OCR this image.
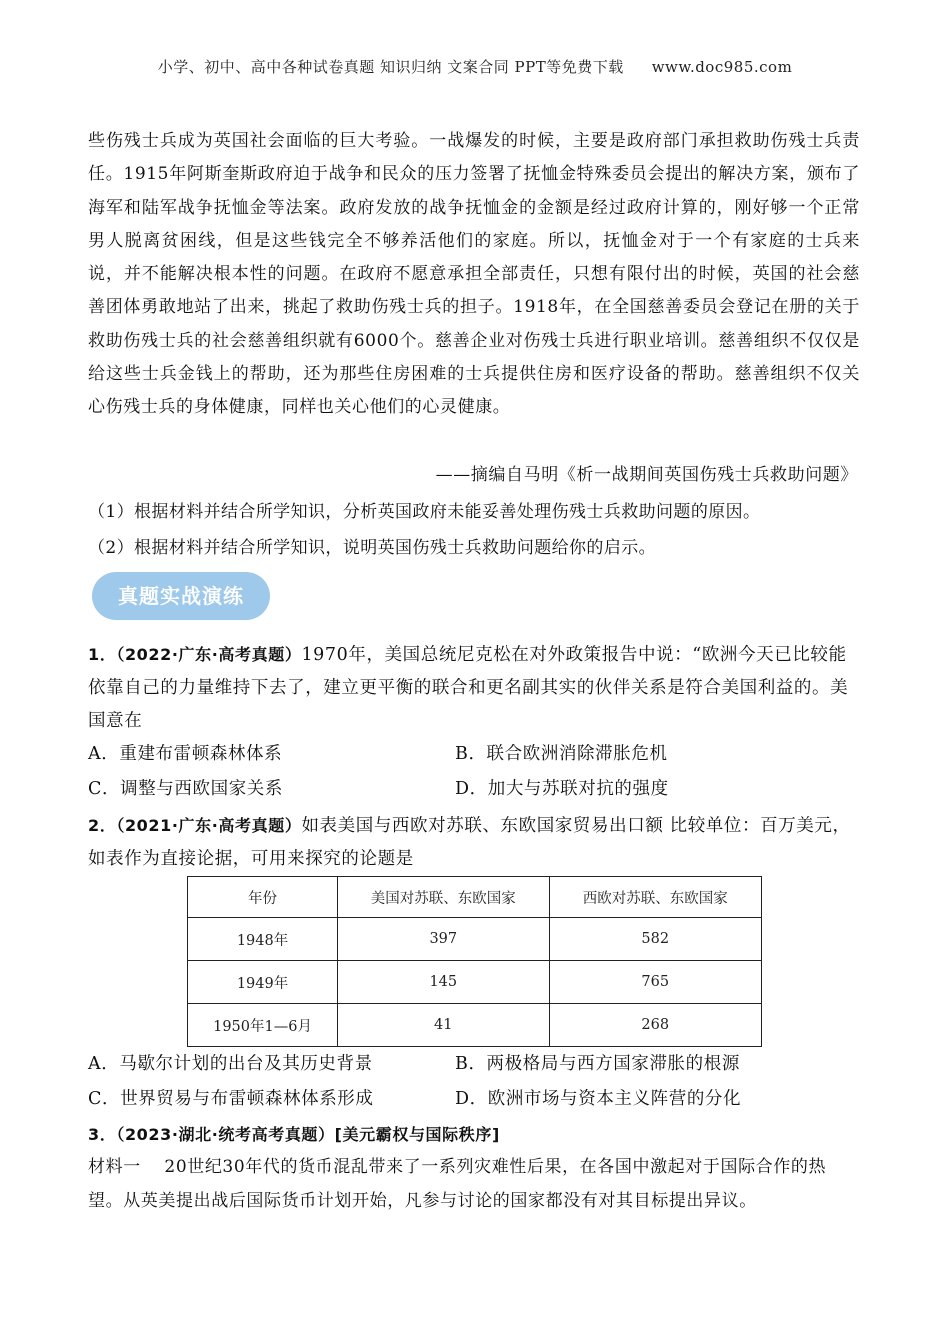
小学、初中、高中各种试卷真题 知识归纳 文案合同 PPT等免费下载 www.doc985.com
些伤残士兵成为英国社会面临的巨大考验。一战爆发的时候，主要是政府部门承担救助伤残士兵责任。1915年阿斯奎斯政府迫于战争和民众的压力签署了抚恤金特殊委员会提出的解决方案，颁布了海军和陆军战争抚恤金等法案。政府发放的战争抚恤金的金额是经过政府计算的，刚好够一个正常男人脱离贫困线，但是这些钱完全不够养活他们的家庭。所以，抚恤金对于一个有家庭的士兵来说，并不能解决根本性的问题。在政府不愿意承担全部责任，只想有限付出的时候，英国的社会慈善团体勇敢地站了出来，挑起了救助伤残士兵的担子。1918年，在全国慈善委员会登记在册的关于救助伤残士兵的社会慈善组织就有6000个。慈善企业对伤残士兵进行职业培训。慈善组织不仅仅是给这些士兵金钱上的帮助，还为那些住房困难的士兵提供住房和医疗设备的帮助。慈善组织不仅关心伤残士兵的身体健康，同样也关心他们的心灵健康。
——摘编自马明《析一战期间英国伤残士兵救助问题》
（1）根据材料并结合所学知识，分析英国政府未能妥善处理伤残士兵救助问题的原因。
（2）根据材料并结合所学知识，说明英国伤残士兵救助问题给你的启示。
真题实战演练
1．（2022·广东·高考真题）1970年，美国总统尼克松在对外政策报告中说：“欧洲今天已比较能依靠自己的力量维持下去了，建立更平衡的联合和更名副其实的伙伴关系是符合美国利益的。美国意在
A．重建布雷顿森林体系	B．联合欧洲消除滞胀危机
C．调整与西欧国家关系	D．加大与苏联对抗的强度
2．（2021·广东·高考真题）如表美国与西欧对苏联、东欧国家贸易出口额 比较单位：百万美元，如表作为直接论据，可用来探究的论题是
年份	美国对苏联、东欧国家	西欧对苏联、东欧国家
1948年	397	582
1949年	145	765
1950年1—6月	41	268
A．马歇尔计划的出台及其历史背景	B．两极格局与西方国家滞胀的根源
C．世界贸易与布雷顿森林体系形成	D．欧洲市场与资本主义阵营的分化
3．（2023·湖北·统考高考真题）[美元霸权与国际秩序]
材料一　 20世纪30年代的货币混乱带来了一系列灾难性后果，在各国中激起对于国际合作的热望。从英美提出战后国际货币计划开始，凡参与讨论的国家都没有对其目标提出异议。
